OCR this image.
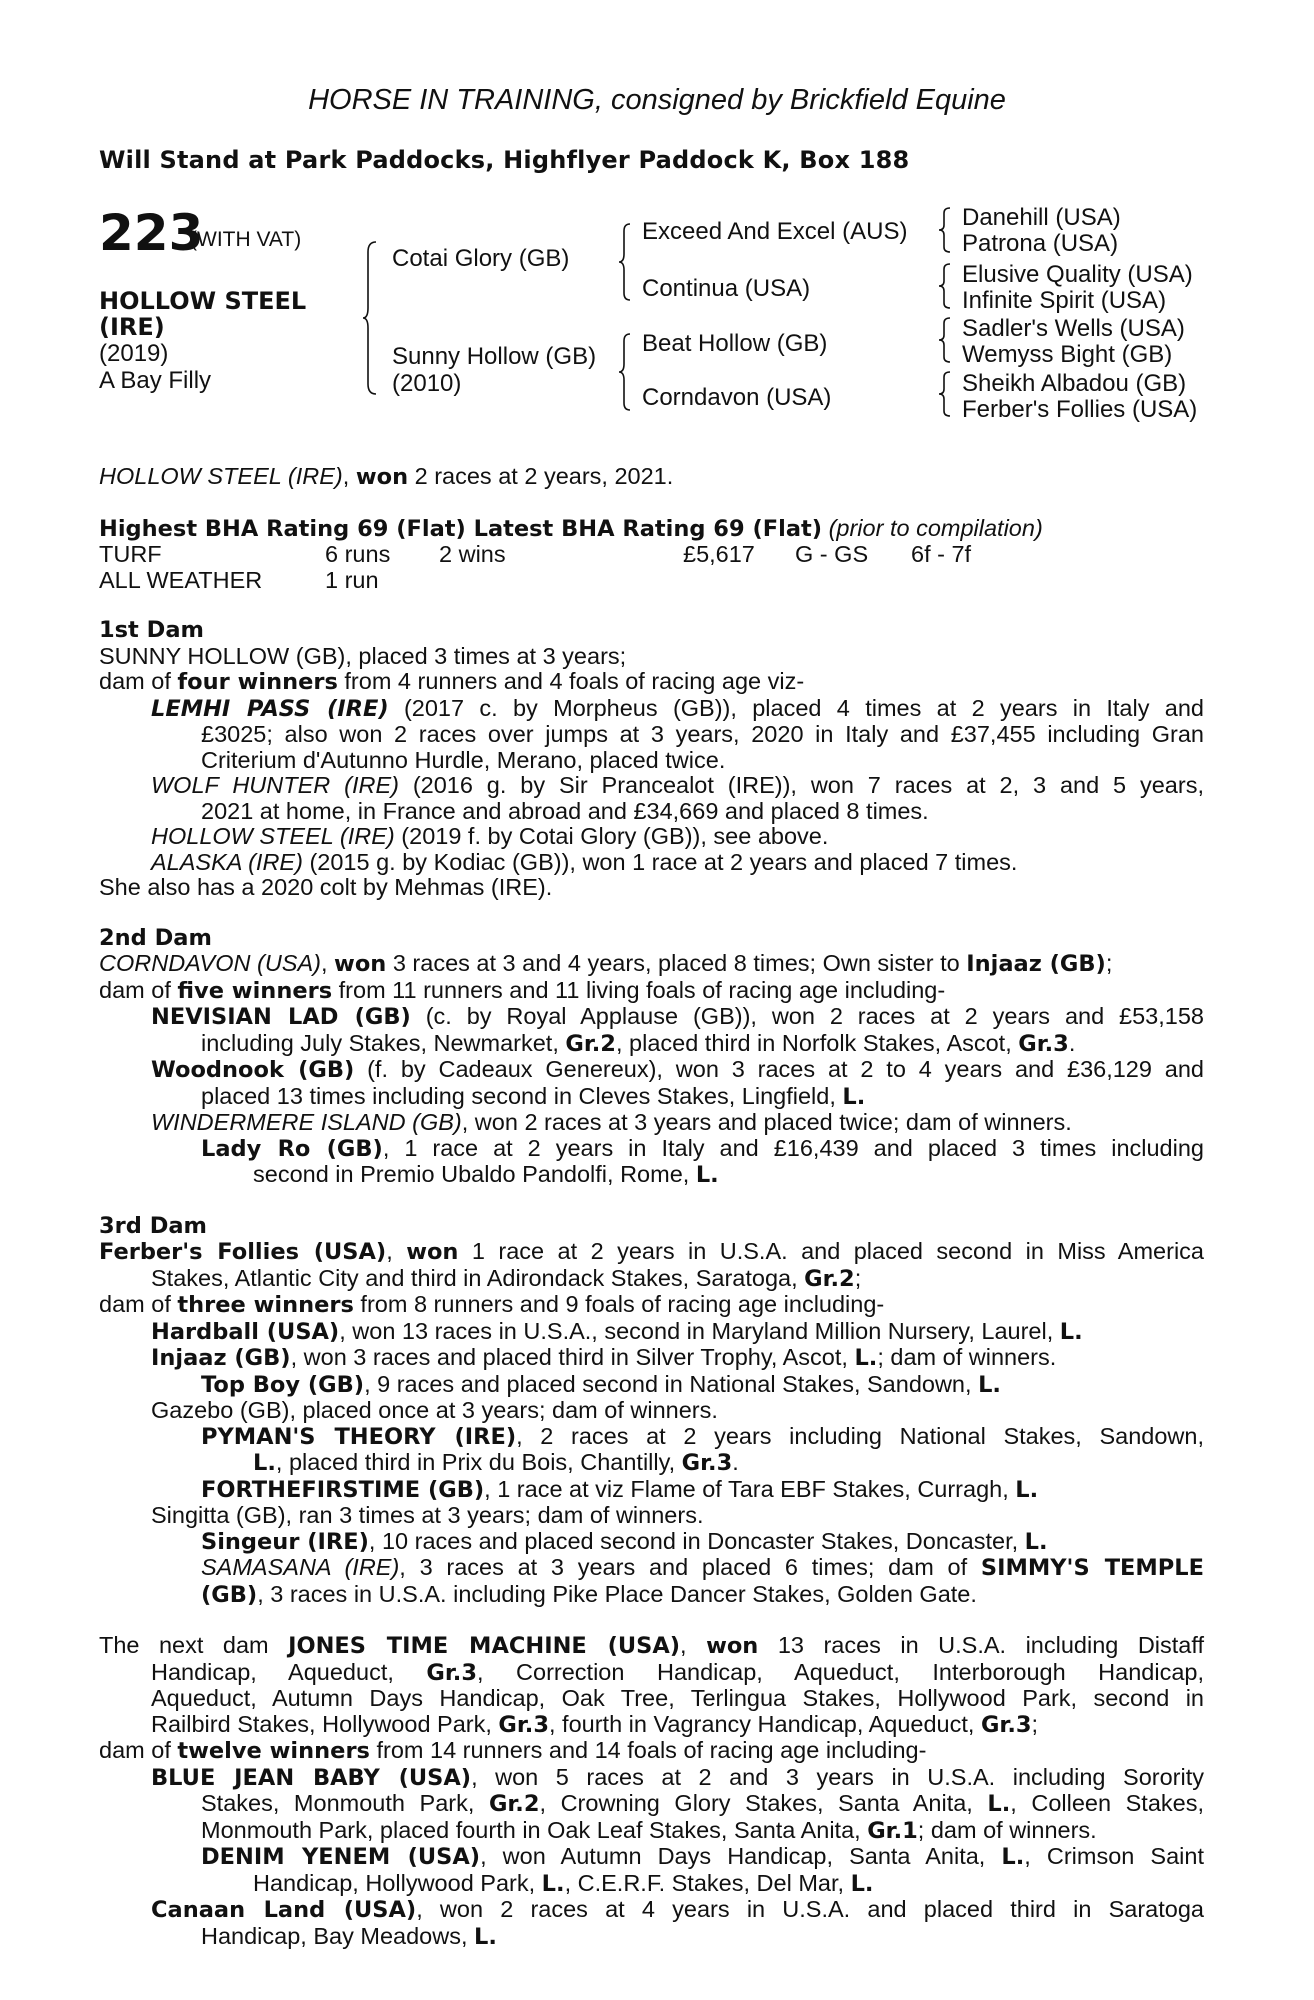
HORSE IN TRAINING, consigned by Brickfield Equine
Will Stand at Park Paddocks, Highflyer Paddock K, Box 188
223
(WITH VAT)
HOLLOW STEEL
(IRE)
(2019)
A Bay Filly
Cotai Glory (GB)
Sunny Hollow (GB)
(2010)
Exceed And Excel (AUS)
Continua (USA)
Beat Hollow (GB)
Corndavon (USA)
Danehill (USA)
Patrona (USA)
Elusive Quality (USA)
Infinite Spirit (USA)
Sadler's Wells (USA)
Wemyss Bight (GB)
Sheikh Albadou (GB)
Ferber's Follies (USA)
HOLLOW STEEL (IRE), won 2 races at 2 years, 2021.
Highest BHA Rating 69 (Flat) Latest BHA Rating 69 (Flat) (prior to compilation)
TURF	6 runs 2 wins	£5,617 G - GS 6f - 7f
ALL WEATHER	1 run
1st Dam
SUNNY HOLLOW (GB), placed 3 times at 3 years;
dam of four winners from 4 runners and 4 foals of racing age viz-
LEMHI PASS (IRE) (2017 c. by Morpheus (GB)), placed 4 times at 2 years in Italy and
£3025; also won 2 races over jumps at 3 years, 2020 in Italy and £37,455 including Gran
Criterium d'Autunno Hurdle, Merano, placed twice.
WOLF HUNTER (IRE) (2016 g. by Sir Prancealot (IRE)), won 7 races at 2, 3 and 5 years,
2021 at home, in France and abroad and £34,669 and placed 8 times.
HOLLOW STEEL (IRE) (2019 f. by Cotai Glory (GB)), see above.
ALASKA (IRE) (2015 g. by Kodiac (GB)), won 1 race at 2 years and placed 7 times.
She also has a 2020 colt by Mehmas (IRE).
2nd Dam
CORNDAVON (USA), won 3 races at 3 and 4 years, placed 8 times; Own sister to Injaaz (GB);
dam of five winners from 11 runners and 11 living foals of racing age including-
NEVISIAN LAD (GB) (c. by Royal Applause (GB)), won 2 races at 2 years and £53,158
including July Stakes, Newmarket, Gr.2, placed third in Norfolk Stakes, Ascot, Gr.3.
Woodnook (GB) (f. by Cadeaux Genereux), won 3 races at 2 to 4 years and £36,129 and
placed 13 times including second in Cleves Stakes, Lingfield, L.
WINDERMERE ISLAND (GB), won 2 races at 3 years and placed twice; dam of winners.
Lady Ro (GB), 1 race at 2 years in Italy and £16,439 and placed 3 times including
second in Premio Ubaldo Pandolfi, Rome, L.
3rd Dam
Ferber's Follies (USA), won 1 race at 2 years in U.S.A. and placed second in Miss America
Stakes, Atlantic City and third in Adirondack Stakes, Saratoga, Gr.2;
dam of three winners from 8 runners and 9 foals of racing age including-
Hardball (USA), won 13 races in U.S.A., second in Maryland Million Nursery, Laurel, L.
Injaaz (GB), won 3 races and placed third in Silver Trophy, Ascot, L.; dam of winners.
Top Boy (GB), 9 races and placed second in National Stakes, Sandown, L.
Gazebo (GB), placed once at 3 years; dam of winners.
PYMAN'S THEORY (IRE), 2 races at 2 years including National Stakes, Sandown,
L., placed third in Prix du Bois, Chantilly, Gr.3.
FORTHEFIRSTIME (GB), 1 race at viz Flame of Tara EBF Stakes, Curragh, L.
Singitta (GB), ran 3 times at 3 years; dam of winners.
Singeur (IRE), 10 races and placed second in Doncaster Stakes, Doncaster, L.
SAMASANA (IRE), 3 races at 3 years and placed 6 times; dam of SIMMY'S TEMPLE
(GB), 3 races in U.S.A. including Pike Place Dancer Stakes, Golden Gate.
The next dam JONES TIME MACHINE (USA), won 13 races in U.S.A. including Distaff
Handicap, Aqueduct, Gr.3, Correction Handicap, Aqueduct, Interborough Handicap,
Aqueduct, Autumn Days Handicap, Oak Tree, Terlingua Stakes, Hollywood Park, second in
Railbird Stakes, Hollywood Park, Gr.3, fourth in Vagrancy Handicap, Aqueduct, Gr.3;
dam of twelve winners from 14 runners and 14 foals of racing age including-
BLUE JEAN BABY (USA), won 5 races at 2 and 3 years in U.S.A. including Sorority
Stakes, Monmouth Park, Gr.2, Crowning Glory Stakes, Santa Anita, L., Colleen Stakes,
Monmouth Park, placed fourth in Oak Leaf Stakes, Santa Anita, Gr.1; dam of winners.
DENIM YENEM (USA), won Autumn Days Handicap, Santa Anita, L., Crimson Saint
Handicap, Hollywood Park, L., C.E.R.F. Stakes, Del Mar, L.
Canaan Land (USA), won 2 races at 4 years in U.S.A. and placed third in Saratoga
Handicap, Bay Meadows, L.
